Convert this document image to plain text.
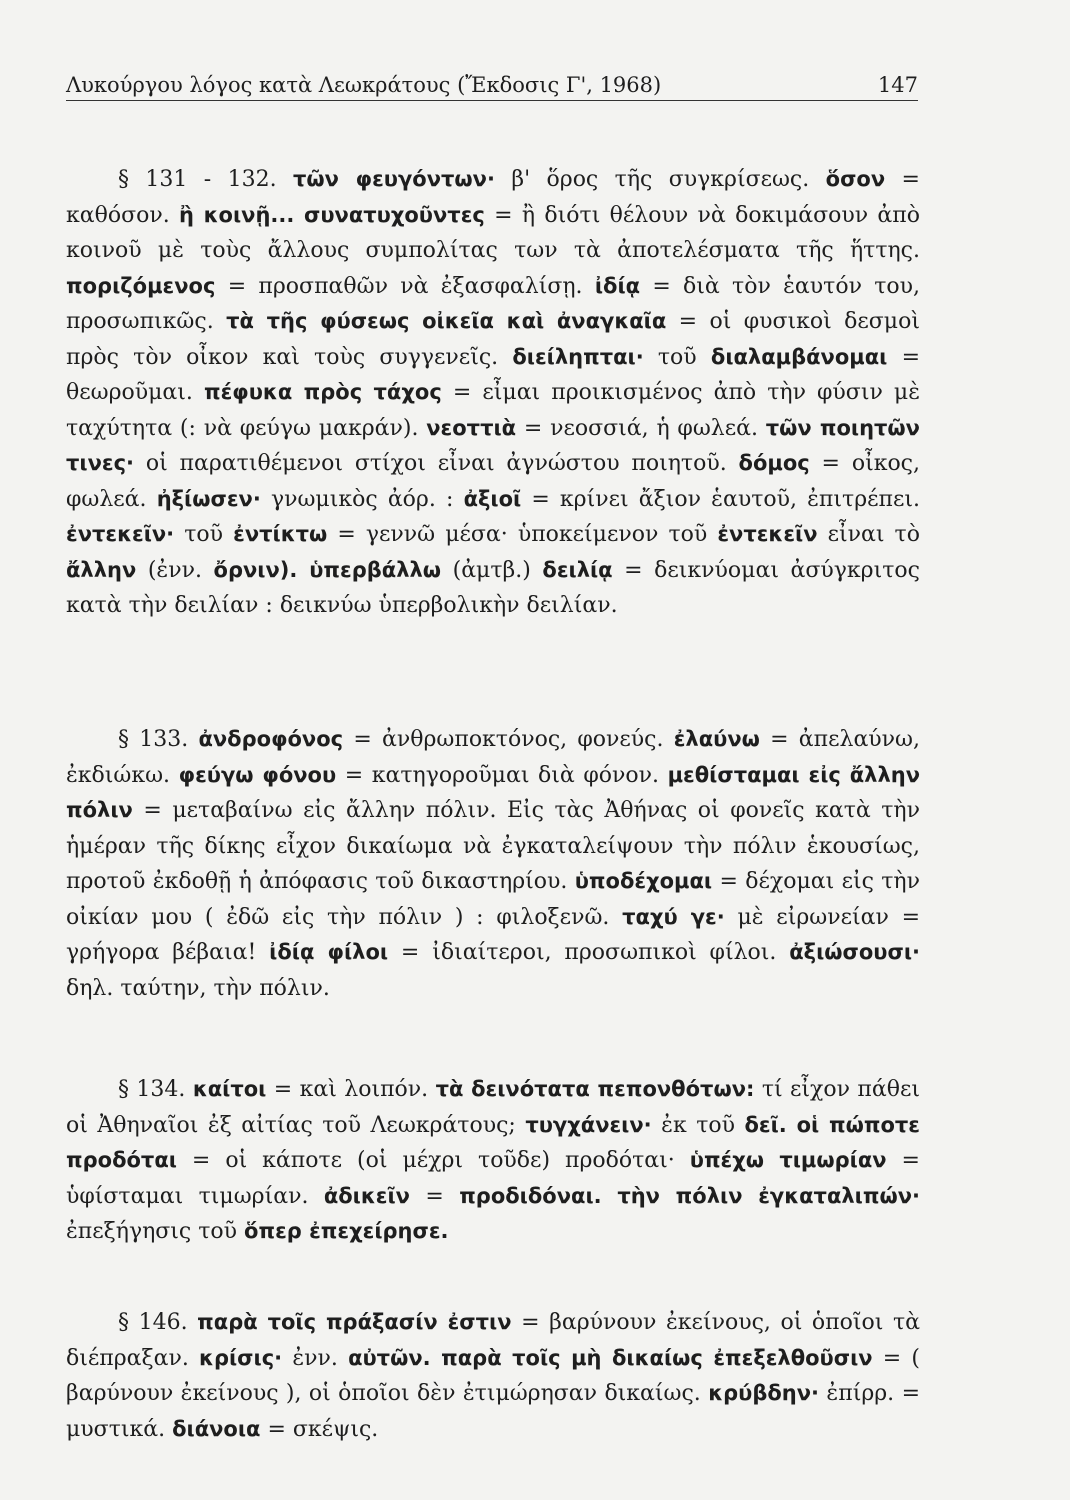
Λυκούργου λόγος κατὰ Λεωκράτους (Ἔκδοσις Γ', 1968)	147

§ 131 - 132. τῶν φευγόντων· β' ὅρος τῆς συγκρίσεως. ὅσον = καθόσον. ἢ κοινῇ... συνατυχοῦντες = ἢ διότι θέλουν νὰ δοκιμάσουν ἀπὸ κοινοῦ μὲ τοὺς ἄλλους συμπολίτας των τὰ ἀποτελέσματα τῆς ἥττης. ποριζόμενος = προσπαθῶν νὰ ἐξασφαλίσῃ. ἰδίᾳ = διὰ τὸν ἑαυτόν του, προσωπικῶς. τὰ τῆς φύσεως οἰκεῖα καὶ ἀναγκαῖα = οἱ φυσικοὶ δεσμοὶ πρὸς τὸν οἶκον καὶ τοὺς συγγενεῖς. διείληπται· τοῦ διαλαμβάνομαι = θεωροῦμαι. πέφυκα πρὸς τάχος = εἶμαι προικισμένος ἀπὸ τὴν φύσιν μὲ ταχύτητα (: νὰ φεύγω μακράν). νεοττιὰ = νεοσσιά, ἡ φωλεά. τῶν ποιητῶν τινες· οἱ παρατιθέμενοι στίχοι εἶναι ἀγνώστου ποιητοῦ. δόμος = οἶκος, φωλεά. ἠξίωσεν· γνωμικὸς ἀόρ. : ἀξιοῖ = κρίνει ἄξιον ἑαυτοῦ, ἐπιτρέπει. ἐντεκεῖν· τοῦ ἐντίκτω = γεννῶ μέσα· ὑποκείμενον τοῦ ἐντεκεῖν εἶναι τὸ ἄλλην (ἐνν. ὄρνιν). ὑπερβάλλω (ἀμτβ.) δειλίᾳ = δεικνύομαι ἀσύγκριτος κατὰ τὴν δειλίαν : δεικνύω ὑπερβολικὴν δειλίαν.

§ 133. ἀνδροφόνος = ἀνθρωποκτόνος, φονεύς. ἐλαύνω = ἀπελαύνω, ἐκδιώκω. φεύγω φόνου = κατηγοροῦμαι διὰ φόνον. μεθίσταμαι εἰς ἄλλην πόλιν = μεταβαίνω εἰς ἄλλην πόλιν. Εἰς τὰς Ἀθήνας οἱ φονεῖς κατὰ τὴν ἡμέραν τῆς δίκης εἶχον δικαίωμα νὰ ἐγκαταλείψουν τὴν πόλιν ἑκουσίως, προτοῦ ἐκδοθῇ ἡ ἀπόφασις τοῦ δικαστηρίου. ὑποδέχομαι = δέχομαι εἰς τὴν οἰκίαν μου ( ἐδῶ εἰς τὴν πόλιν ) : φιλοξενῶ. ταχύ γε· μὲ εἰρωνείαν = γρήγορα βέβαια! ἰδίᾳ φίλοι = ἰδιαίτεροι, προσωπικοὶ φίλοι. ἀξιώσουσι· δηλ. ταύτην, τὴν πόλιν.

§ 134. καίτοι = καὶ λοιπόν. τὰ δεινότατα πεπονθότων: τί εἶχον πάθει οἱ Ἀθηναῖοι ἐξ αἰτίας τοῦ Λεωκράτους; τυγχάνειν· ἐκ τοῦ δεῖ. οἱ πώποτε προδόται = οἱ κάποτε (οἱ μέχρι τοῦδε) προδόται· ὑπέχω τιμωρίαν = ὑφίσταμαι τιμωρίαν. ἀδικεῖν = προδιδόναι. τὴν πόλιν ἐγκαταλιπών· ἐπεξήγησις τοῦ ὅπερ ἐπεχείρησε.

§ 146. παρὰ τοῖς πράξασίν ἐστιν = βαρύνουν ἐκείνους, οἱ ὁποῖοι τὰ διέπραξαν. κρίσις· ἐνν. αὐτῶν. παρὰ τοῖς μὴ δικαίως ἐπεξελθοῦσιν = ( βαρύνουν ἐκείνους ), οἱ ὁποῖοι δὲν ἐτιμώρησαν δικαίως. κρύβδην· ἐπίρρ. = μυστικά. διάνοια = σκέψις.
